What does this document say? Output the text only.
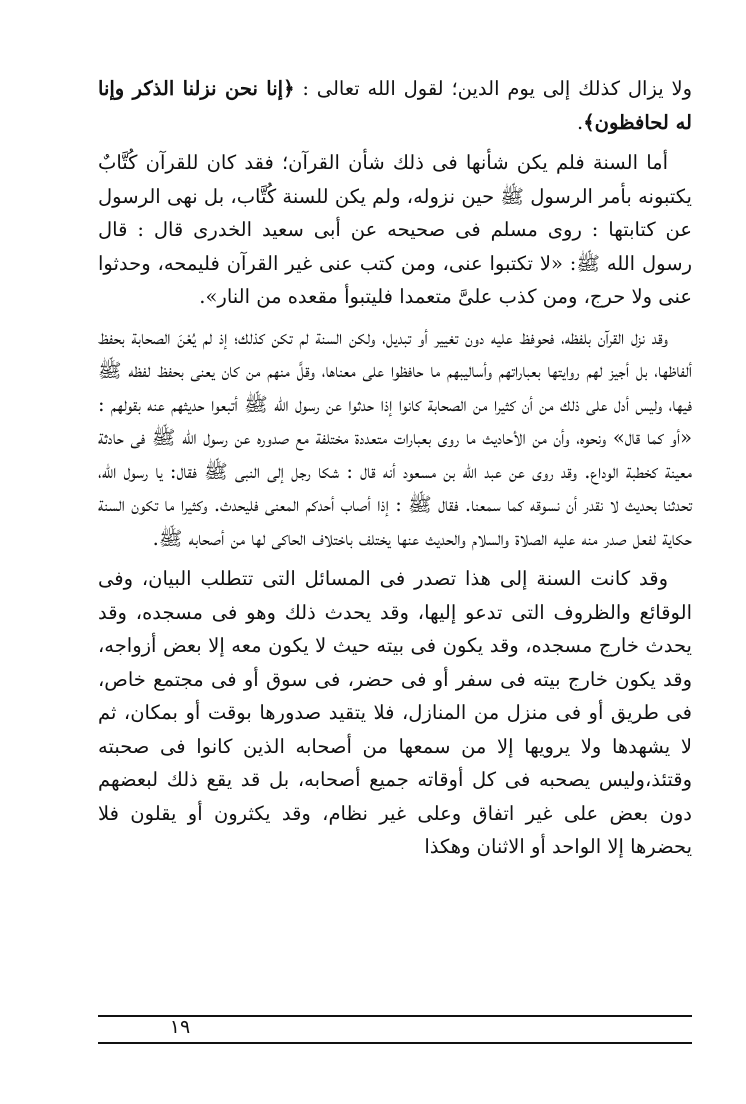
ولا يزال كذلك إلى يوم الدين؛ لقول الله تعالى : ﴿إنا نحن نزلنا الذكر وإنا له لحافظون﴾.

أما السنة فلم يكن شأنها فى ذلك شأن القرآن؛ فقد كان للقرآن كُتَّابٌ يكتبونه بأمر الرسول ﷺ حين نزوله، ولم يكن للسنة كُتَّاب، بل نهى الرسول عن كتابتها : روى مسلم فى صحيحه عن أبى سعيد الخدرى قال : قال رسول الله ﷺ: «لا تكتبوا عنى، ومن كتب عنى غير القرآن فليمحه، وحدثوا عنى ولا حرج، ومن كذب علىَّ متعمدا فليتبوأ مقعده من النار».

وقد نزل القرآن بلفظه، فحوفظ عليه دون تغيير أو تبديل، ولكن السنة لم تكن كذلك؛ إذ لم يُعْنَ الصحابة بحفظ ألفاظها، بل أجيز لهم روايتها بعباراتهم وأساليبهم ما حافظوا على معناها، وقلَّ منهم من كان يعنى بحفظ لفظه ﷺ فيها، وليس أدل على ذلك من أن كثيرا من الصحابة كانوا إذا حدثوا عن رسول الله ﷺ أتبعوا حديثهم عنه بقولهم : «أو كما قال» ونحوه، وأن من الأحاديث ما روى بعبارات متعددة مختلفة مع صدوره عن رسول الله ﷺ فى حادثة معينة كخطبة الوداع. وقد روى عن عبد الله بن مسعود أنه قال : شكا رجل إلى النبى ﷺ فقال: يا رسول الله، تحدثنا بحديث لا نقدر أن نسوقه كما سمعنا. فقال ﷺ : إذا أصاب أحدكم المعنى فليحدث. وكثيرا ما تكون السنة حكاية لفعل صدر منه عليه الصلاة والسلام والحديث عنها يختلف باختلاف الحاكى لها من أصحابه ﷺ.

وقد كانت السنة إلى هذا تصدر فى المسائل التى تتطلب البيان، وفى الوقائع والظروف التى تدعو إليها، وقد يحدث ذلك وهو فى مسجده، وقد يحدث خارج مسجده، وقد يكون فى بيته حيث لا يكون معه إلا بعض أزواجه، وقد يكون خارج بيته فى سفر أو فى حضر، فى سوق أو فى مجتمع خاص، فى طريق أو فى منزل من المنازل، فلا يتقيد صدورها بوقت أو بمكان، ثم لا يشهدها ولا يرويها إلا من سمعها من أصحابه الذين كانوا فى صحبته وقتئذ،وليس يصحبه فى كل أوقاته جميع أصحابه، بل قد يقع ذلك لبعضهم دون بعض على غير اتفاق وعلى غير نظام، وقد يكثرون أو يقلون فلا يحضرها إلا الواحد أو الاثنان وهكذا

١٩
